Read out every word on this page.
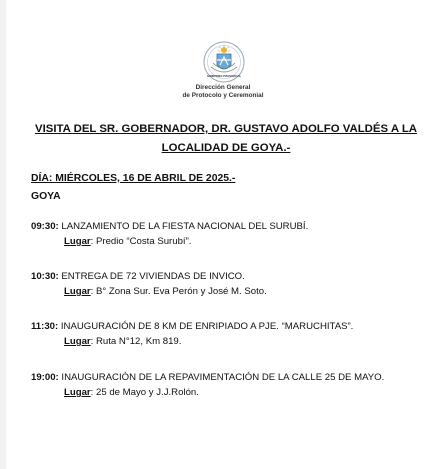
GOBIERNO PROVINCIAL
Dirección General
de Protocolo y Ceremonial
VISITA DEL SR. GOBERNADOR, DR. GUSTAVO ADOLFO VALDÉS A LA
LOCALIDAD DE GOYA.-
DÍA: MIÉRCOLES, 16 DE ABRIL DE 2025.-
GOYA
09:30: LANZAMIENTO DE LA FIESTA NACIONAL DEL SURUBÍ.
Lugar: Predio “Costa Surubí”.
10:30: ENTREGA DE 72 VIVIENDAS DE INVICO.
Lugar: B° Zona Sur. Eva Perón y José M. Soto.
11:30: INAUGURACIÓN DE 8 KM DE ENRIPIADO A PJE. “MARUCHITAS”.
Lugar: Ruta N°12, Km 819.
19:00: INAUGURACIÓN DE LA REPAVIMENTACIÓN DE LA CALLE 25 DE MAYO.
Lugar: 25 de Mayo y J.J.Rolón.
